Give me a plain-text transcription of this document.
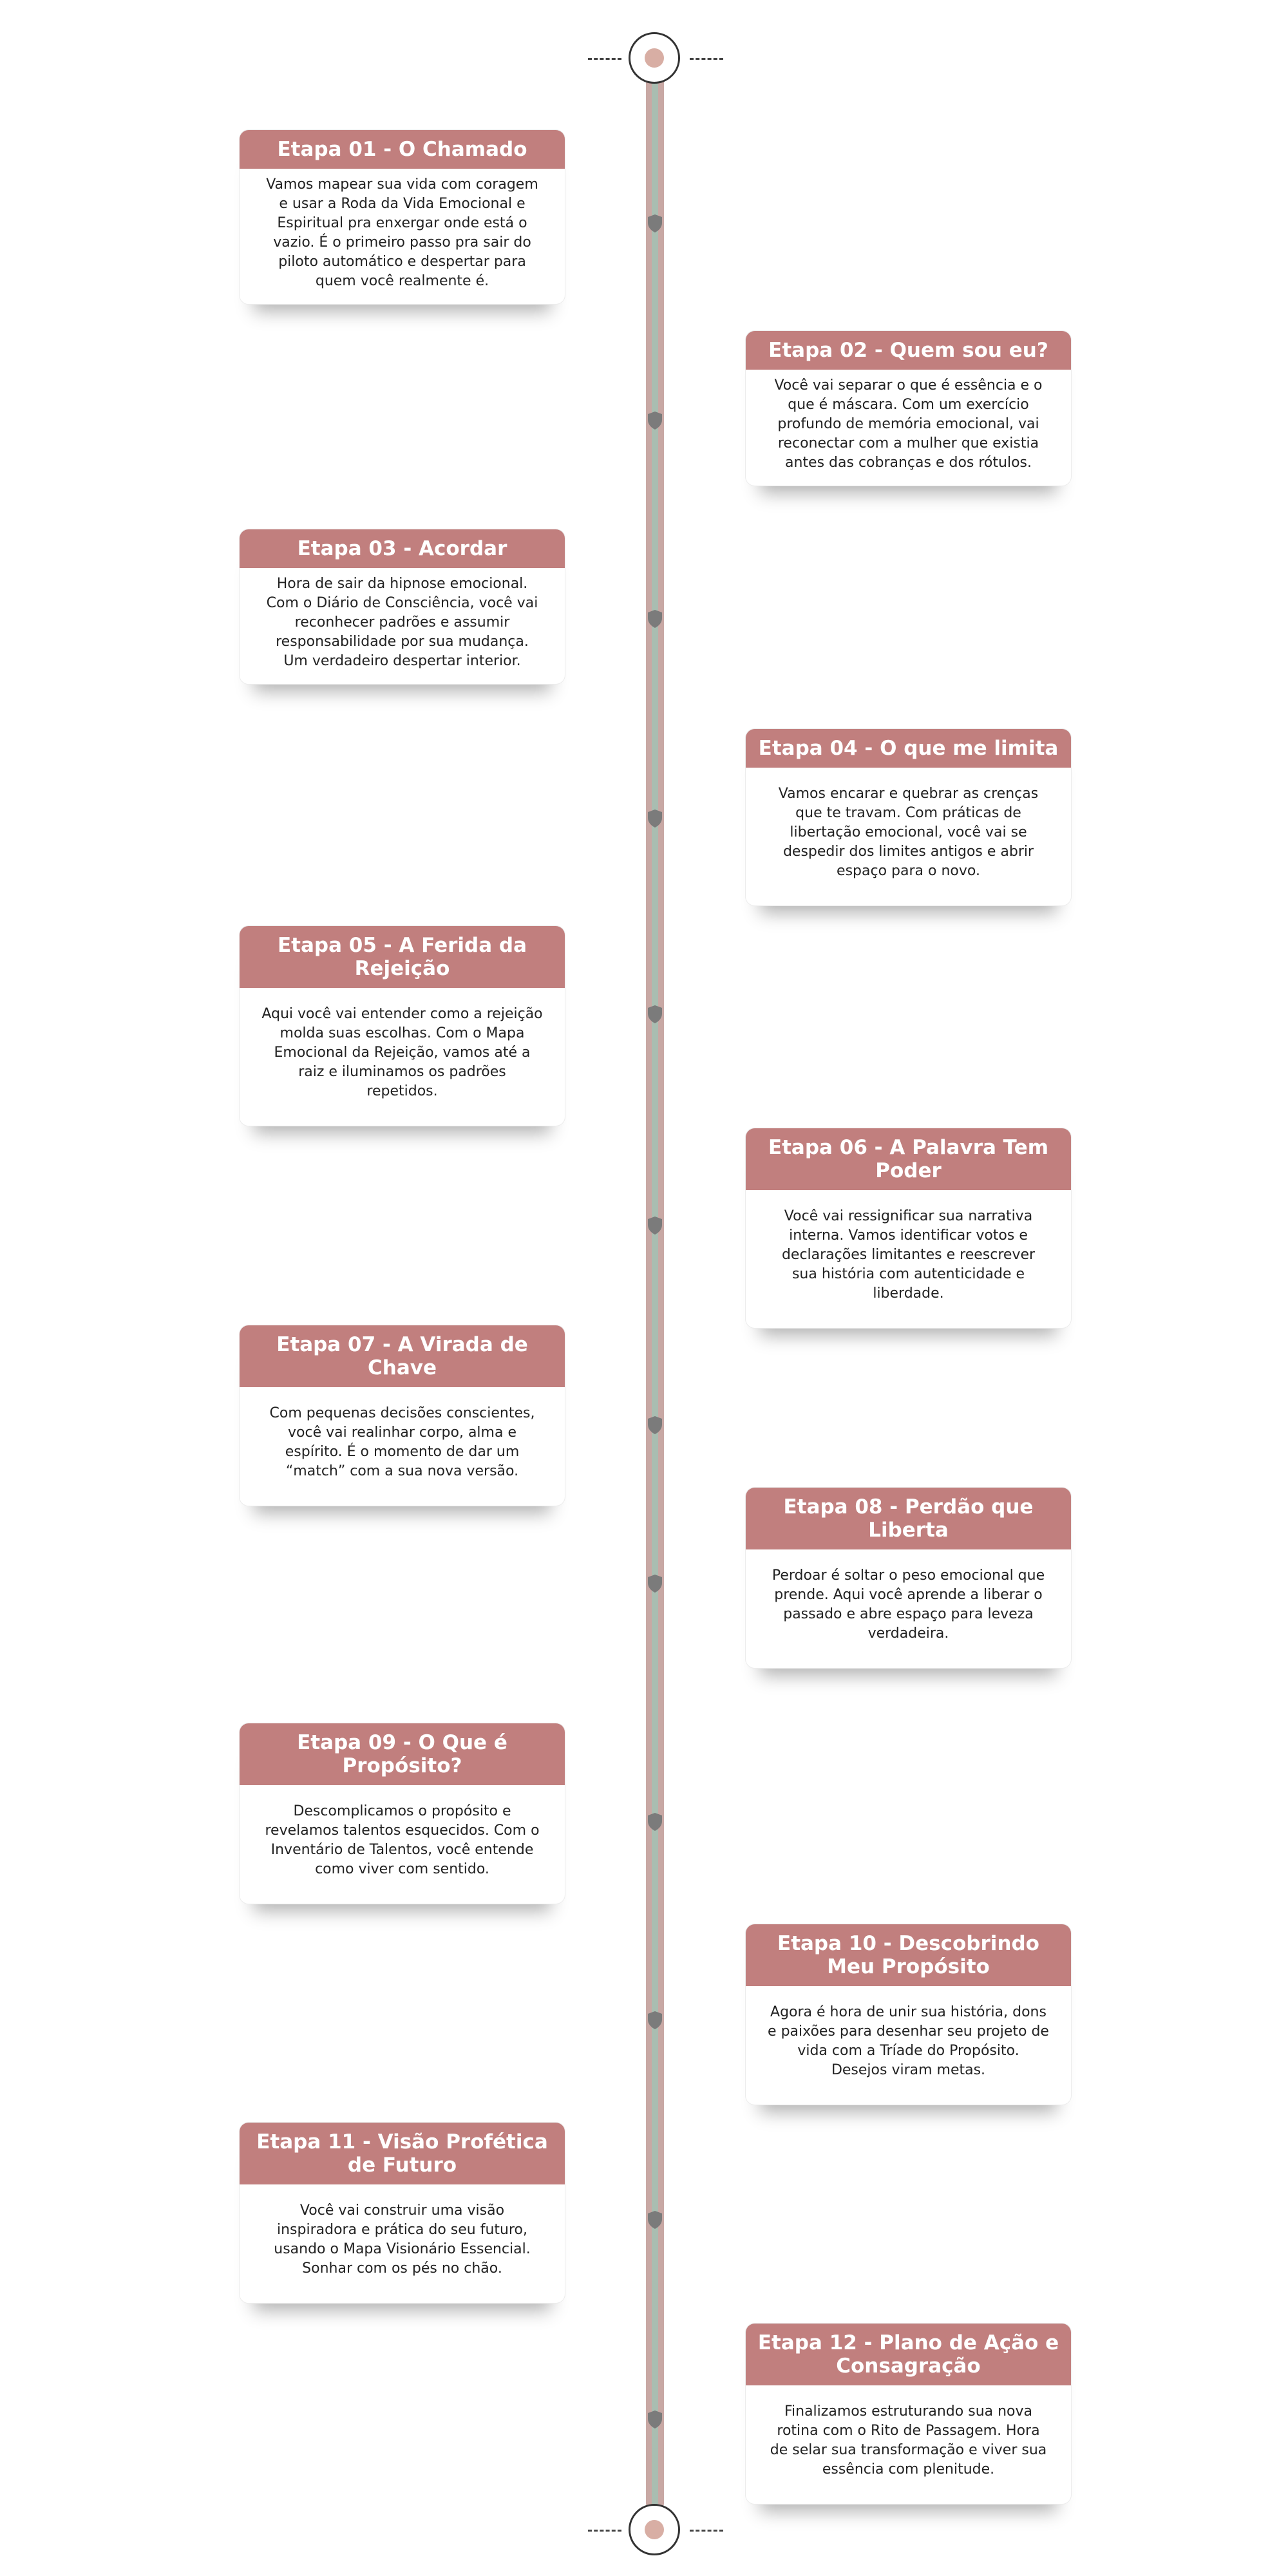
Etapa 01 - O Chamado
Vamos mapear sua vida com coragem e usar a Roda da Vida Emocional e Espiritual pra enxergar onde está o vazio. É o primeiro passo pra sair do piloto automático e despertar para quem você realmente é.
Etapa 02 - Quem sou eu?
Você vai separar o que é essência e o que é máscara. Com um exercício profundo de memória emocional, vai reconectar com a mulher que existia antes das cobranças e dos rótulos.
Etapa 03 - Acordar
Hora de sair da hipnose emocional. Com o Diário de Consciência, você vai reconhecer padrões e assumir responsabilidade por sua mudança. Um verdadeiro despertar interior.
Etapa 04 - O que me limita
Vamos encarar e quebrar as crenças que te travam. Com práticas de libertação emocional, você vai se despedir dos limites antigos e abrir espaço para o novo.
Etapa 05 - A Ferida da Rejeição
Aqui você vai entender como a rejeição molda suas escolhas. Com o Mapa Emocional da Rejeição, vamos até a raiz e iluminamos os padrões repetidos.
Etapa 06 - A Palavra Tem Poder
Você vai ressignificar sua narrativa interna. Vamos identificar votos e declarações limitantes e reescrever sua história com autenticidade e liberdade.
Etapa 07 - A Virada de Chave
Com pequenas decisões conscientes, você vai realinhar corpo, alma e espírito. É o momento de dar um “match” com a sua nova versão.
Etapa 08 - Perdão que Liberta
Perdoar é soltar o peso emocional que prende. Aqui você aprende a liberar o passado e abre espaço para leveza verdadeira.
Etapa 09 - O Que é Propósito?
Descomplicamos o propósito e revelamos talentos esquecidos. Com o Inventário de Talentos, você entende como viver com sentido.
Etapa 10 - Descobrindo Meu Propósito
Agora é hora de unir sua história, dons e paixões para desenhar seu projeto de vida com a Tríade do Propósito. Desejos viram metas.
Etapa 11 - Visão Profética de Futuro
Você vai construir uma visão inspiradora e prática do seu futuro, usando o Mapa Visionário Essencial. Sonhar com os pés no chão.
Etapa 12 - Plano de Ação e Consagração
Finalizamos estruturando sua nova rotina com o Rito de Passagem. Hora de selar sua transformação e viver sua essência com plenitude.
